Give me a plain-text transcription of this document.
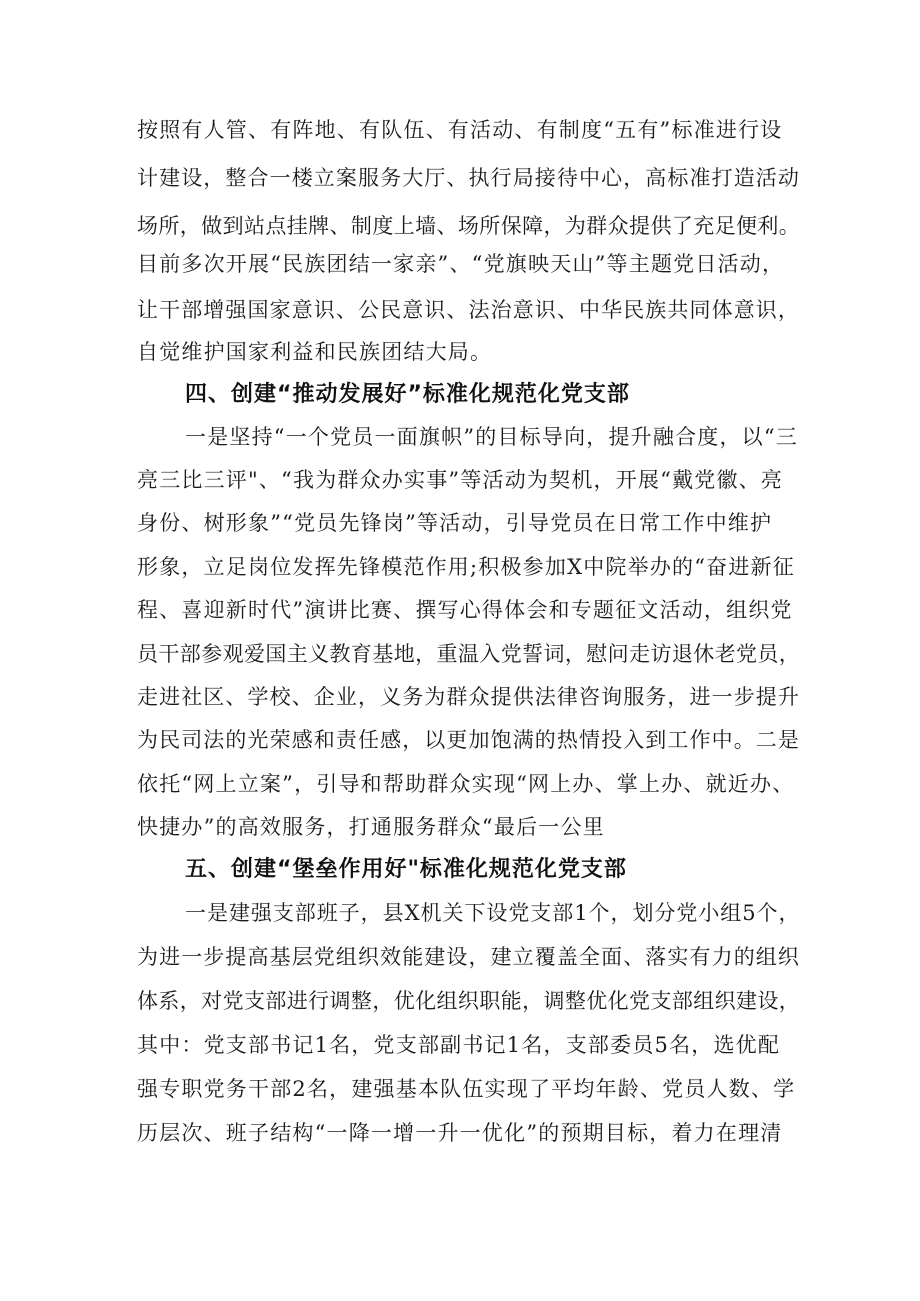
按照有人管、有阵地、有队伍、有活动、有制度“五有”标准进行设
计建设，整合一楼立案服务大厅、执行局接待中心，高标准打造活动
场所，做到站点挂牌、制度上墙、场所保障，为群众提供了充足便利。
目前多次开展“民族团结一家亲”、“党旗映天山”等主题党日活动，
让干部增强国家意识、公民意识、法治意识、中华民族共同体意识，
自觉维护国家利益和民族团结大局。
四、创建“推动发展好”标准化规范化党支部
一是坚持“一个党员一面旗帜”的目标导向，提升融合度，以“三
亮三比三评"、“我为群众办实事”等活动为契机，开展“戴党徽、亮
身份、树形象”“党员先锋岗”等活动，引导党员在日常工作中维护
形象，立足岗位发挥先锋模范作用;积极参加X中院举办的“奋进新征
程、喜迎新时代”演讲比赛、撰写心得体会和专题征文活动，组织党
员干部参观爱国主义教育基地，重温入党誓词，慰问走访退休老党员，
走进社区、学校、企业，义务为群众提供法律咨询服务，进一步提升
为民司法的光荣感和责任感，以更加饱满的热情投入到工作中。二是
依托“网上立案”，引导和帮助群众实现“网上办、掌上办、就近办、
快捷办”的高效服务，打通服务群众“最后一公里
五、创建“堡垒作用好"标准化规范化党支部
一是建强支部班子，县X机关下设党支部1个，划分党小组5个，
为进一步提高基层党组织效能建设，建立覆盖全面、落实有力的组织
体系，对党支部进行调整，优化组织职能，调整优化党支部组织建设，
其中：党支部书记1名，党支部副书记1名，支部委员5名，选优配
强专职党务干部2名，建强基本队伍实现了平均年龄、党员人数、学
历层次、班子结构“一降一增一升一优化”的预期目标，着力在理清
